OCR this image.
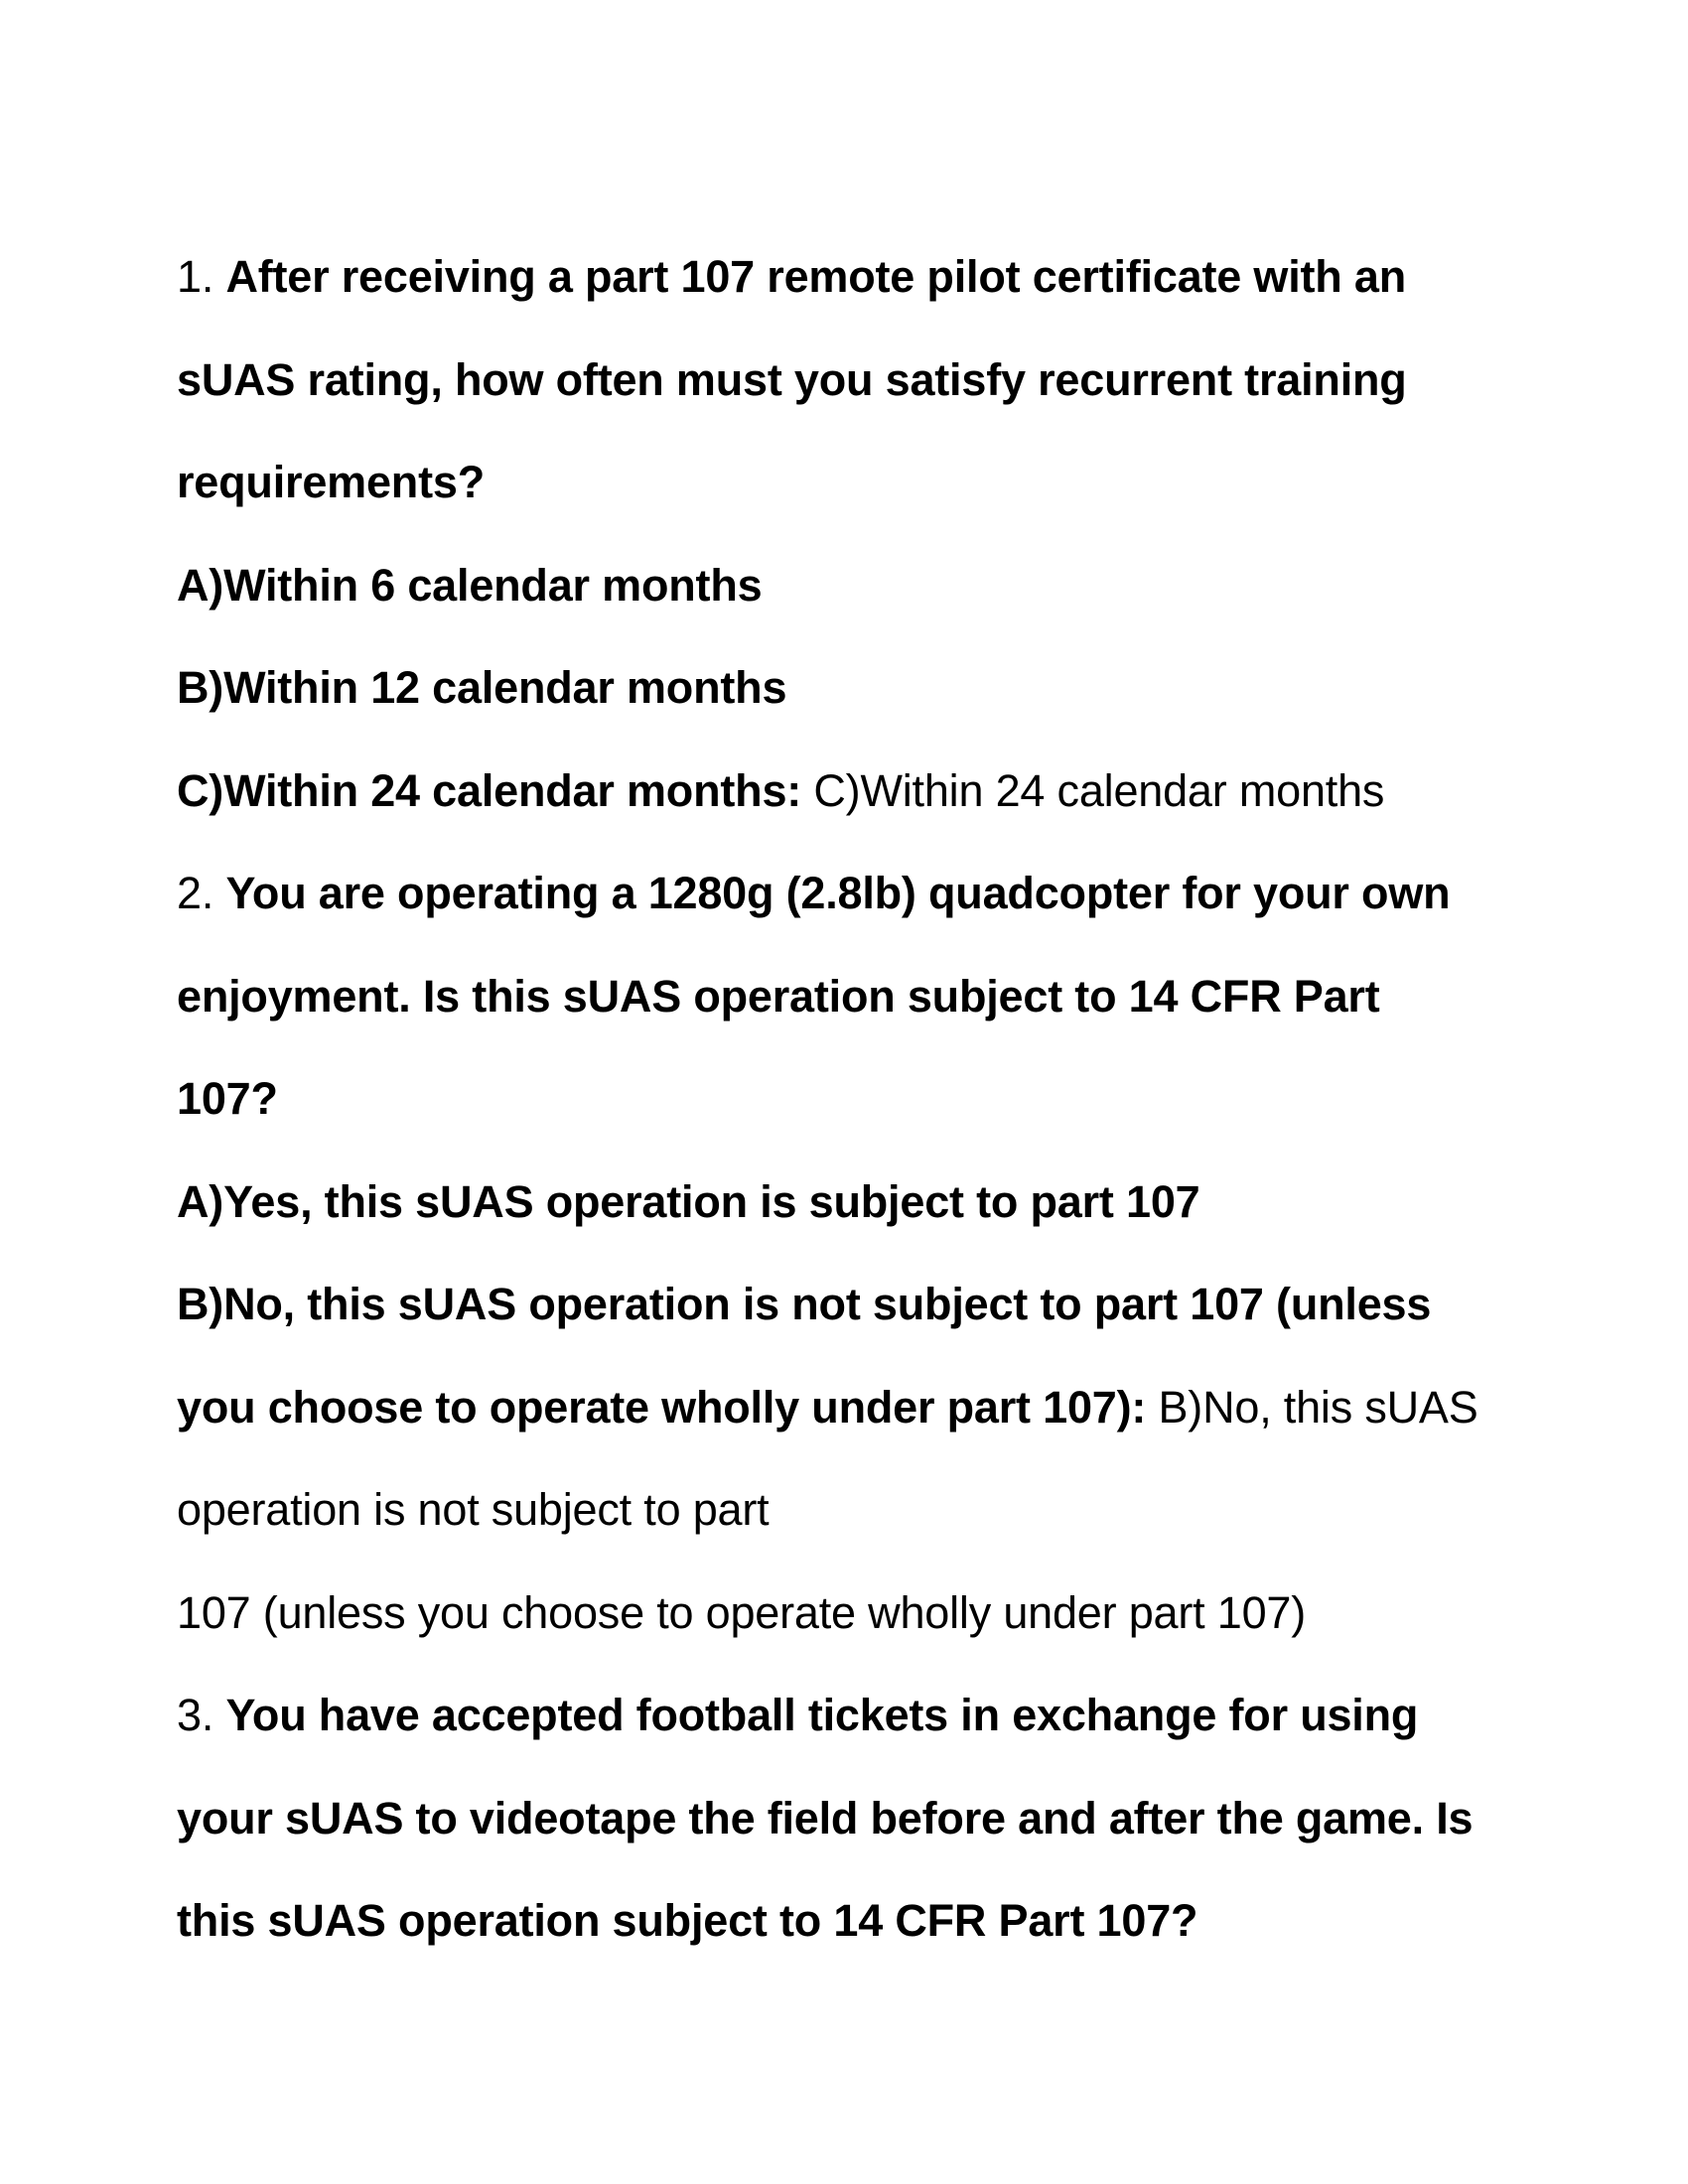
1. After receiving a part 107 remote pilot certificate with an
sUAS rating, how often must you satisfy recurrent training
requirements?
A)Within 6 calendar months
B)Within 12 calendar months
C)Within 24 calendar months: C)Within 24 calendar months
2. You are operating a 1280g (2.8lb) quadcopter for your own
enjoyment. Is this sUAS operation subject to 14 CFR Part
107?
A)Yes, this sUAS operation is subject to part 107
B)No, this sUAS operation is not subject to part 107 (unless
you choose to operate wholly under part 107): B)No, this sUAS
operation is not subject to part
107 (unless you choose to operate wholly under part 107)
3. You have accepted football tickets in exchange for using
your sUAS to videotape the field before and after the game. Is
this sUAS operation subject to 14 CFR Part 107?
